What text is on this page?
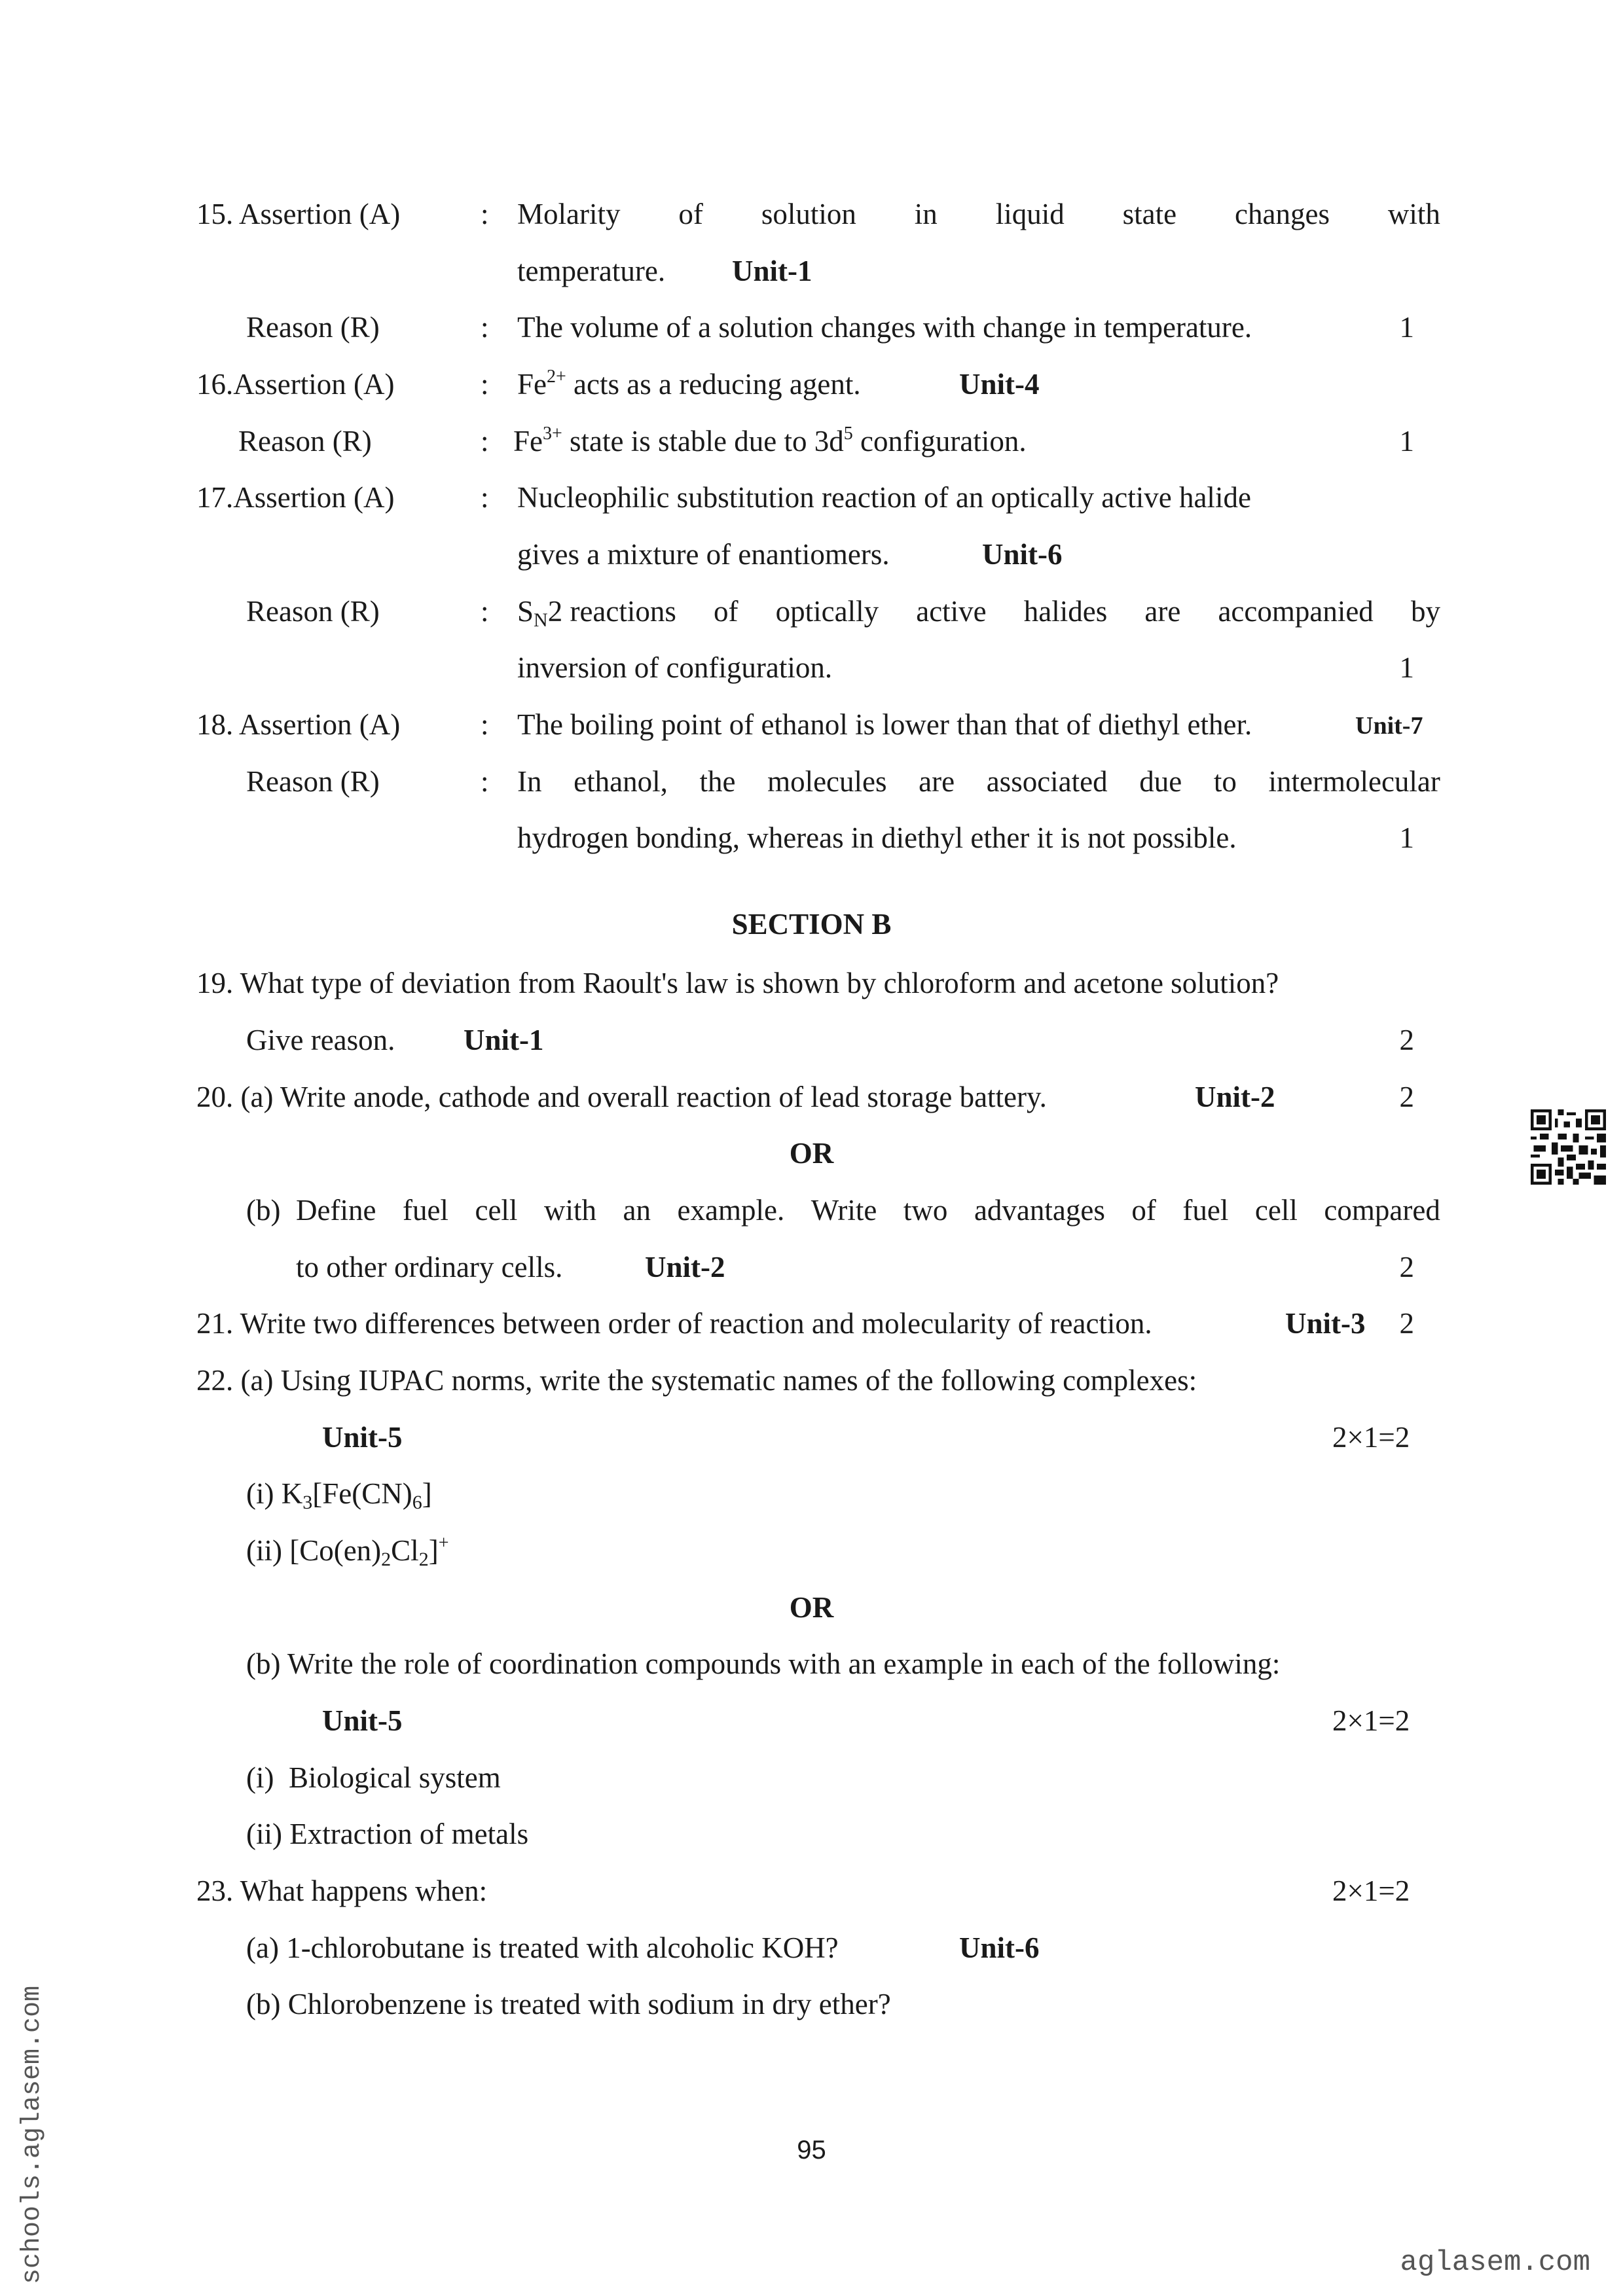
15. Assertion (A)	: Molarity of solution in liquid state changes with
temperature. Unit-1
Reason (R)	: The volume of a solution changes with change in temperature.	1
16.Assertion (A)	: $Fe^{2+}$ acts as a reducing agent.	Unit-4
Reason (R)	: $Fe^{3+}$ state is stable due to $3d^5$ configuration.	1
17.Assertion (A)	: Nucleophilic substitution reaction of an optically active halide
gives a mixture of enantiomers.	Unit-6
Reason (R)	: $S_N2$ reactions of optically active halides are accompanied by
inversion of configuration.	1
18. Assertion (A)	: The boiling point of ethanol is lower than that of diethyl ether.	Unit-7
Reason (R)	: In ethanol, the molecules are associated due to intermolecular
hydrogen bonding, whereas in diethyl ether it is not possible.	1
SECTION B
19. What type of deviation from Raoult's law is shown by chloroform and acetone solution?
Give reason. Unit-1	2
20. (a) Write anode, cathode and overall reaction of lead storage battery.	Unit-2	2
OR
(b) Define fuel cell with an example. Write two advantages of fuel cell compared
to other ordinary cells.	Unit-2	2
21. Write two differences between order of reaction and molecularity of reaction.	Unit-3	2
22. (a) Using IUPAC norms, write the systematic names of the following complexes:
Unit-5	2×1=2
(i) $K_3[Fe(CN)_6]$
(ii) $[Co(en)_2Cl_2]^+$
OR
(b) Write the role of coordination compounds with an example in each of the following:
Unit-5	2×1=2
(i)  Biological system
(ii) Extraction of metals
23. What happens when:	2×1=2
(a) 1-chlorobutane is treated with alcoholic KOH?	Unit-6
(b) Chlorobenzene is treated with sodium in dry ether?
95
schools.aglasem.com	aglasem.com
